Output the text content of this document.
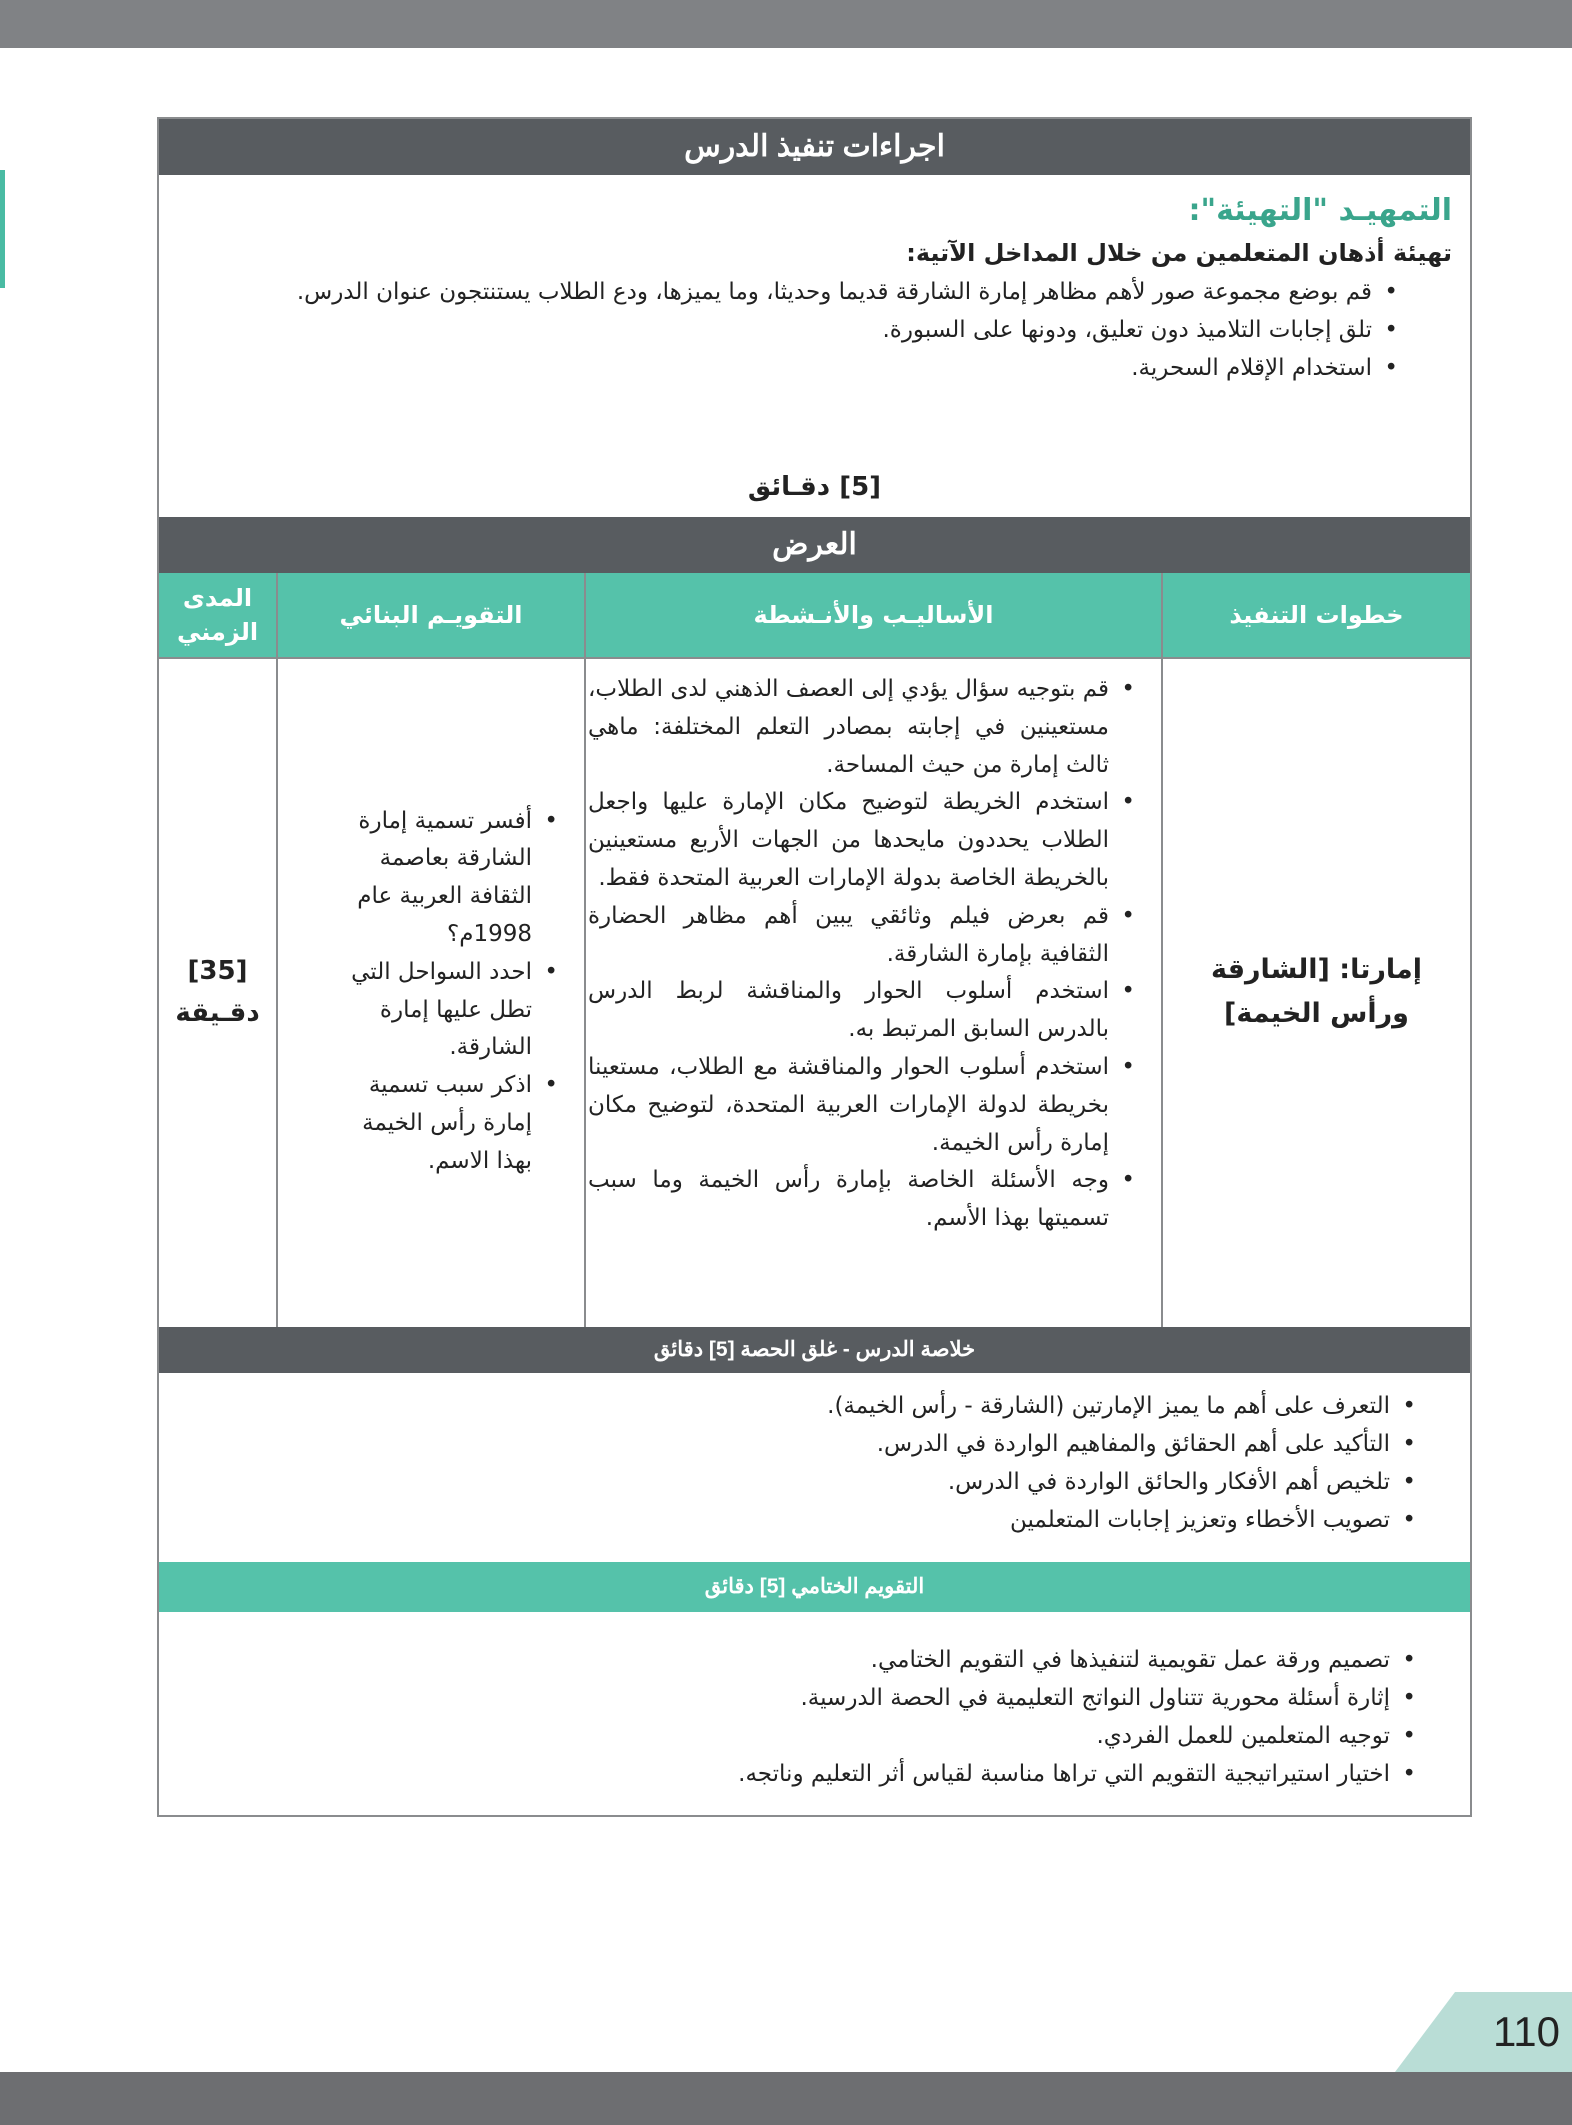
اجراءات تنفيذ الدرس
التمهيـد "التهيئة":
تهيئة أذهان المتعلمين من خلال المداخل الآتية:
• قم بوضع مجموعة صور لأهم مظاهر إمارة الشارقة قديما وحديثا، وما يميزها، ودع الطلاب يستنتجون عنوان الدرس.
• تلق إجابات التلاميذ دون تعليق، ودونها على السبورة.
• استخدام الإقلام السحرية.
[5] دقـائق
العرض
خطوات التنفيذ
الأساليـب والأنـشطة
التقويـم البنائي
المدى الزمني
إمارتا: [الشارقة ورأس الخيمة]
• قم بتوجيه سؤال يؤدي إلى العصف الذهني لدى الطلاب، مستعينين في إجابته بمصادر التعلم المختلفة: ماهي ثالث إمارة من حيث المساحة.
• استخدم الخريطة لتوضيح مكان الإمارة عليها واجعل الطلاب يحددون مايحدها من الجهات الأربع مستعينين بالخريطة الخاصة بدولة الإمارات العربية المتحدة فقط.
• قم بعرض فيلم وثائقي يبين أهم مظاهر الحضارة الثقافية بإمارة الشارقة.
• استخدم أسلوب الحوار والمناقشة لربط الدرس بالدرس السابق المرتبط به.
• استخدم أسلوب الحوار والمناقشة مع الطلاب، مستعينا بخريطة لدولة الإمارات العربية المتحدة، لتوضيح مكان إمارة رأس الخيمة.
• وجه الأسئلة الخاصة بإمارة رأس الخيمة وما سبب تسميتها بهذا الأسم.
• أفسر تسمية إمارة الشارقة بعاصمة الثقافة العربية عام 1998م؟
• احدد السواحل التي تطل عليها إمارة الشارقة.
• اذكر سبب تسمية إمارة رأس الخيمة بهذا الاسم.
[35] دقـيقة
خلاصة الدرس - غلق الحصة [5] دقائق
• التعرف على أهم ما يميز الإمارتين (الشارقة - رأس الخيمة).
• التأكيد على أهم الحقائق والمفاهيم الواردة في الدرس.
• تلخيص أهم الأفكار والحائق الواردة في الدرس.
• تصويب الأخطاء وتعزيز إجابات المتعلمين
التقويم الختامي [5] دقائق
• تصميم ورقة عمل تقويمية لتنفيذها في التقويم الختامي.
• إثارة أسئلة محورية تتناول النواتج التعليمية في الحصة الدرسية.
• توجيه المتعلمين للعمل الفردي.
• اختيار استيراتيجية التقويم التي تراها مناسبة لقياس أثر التعليم وناتجه.
110
